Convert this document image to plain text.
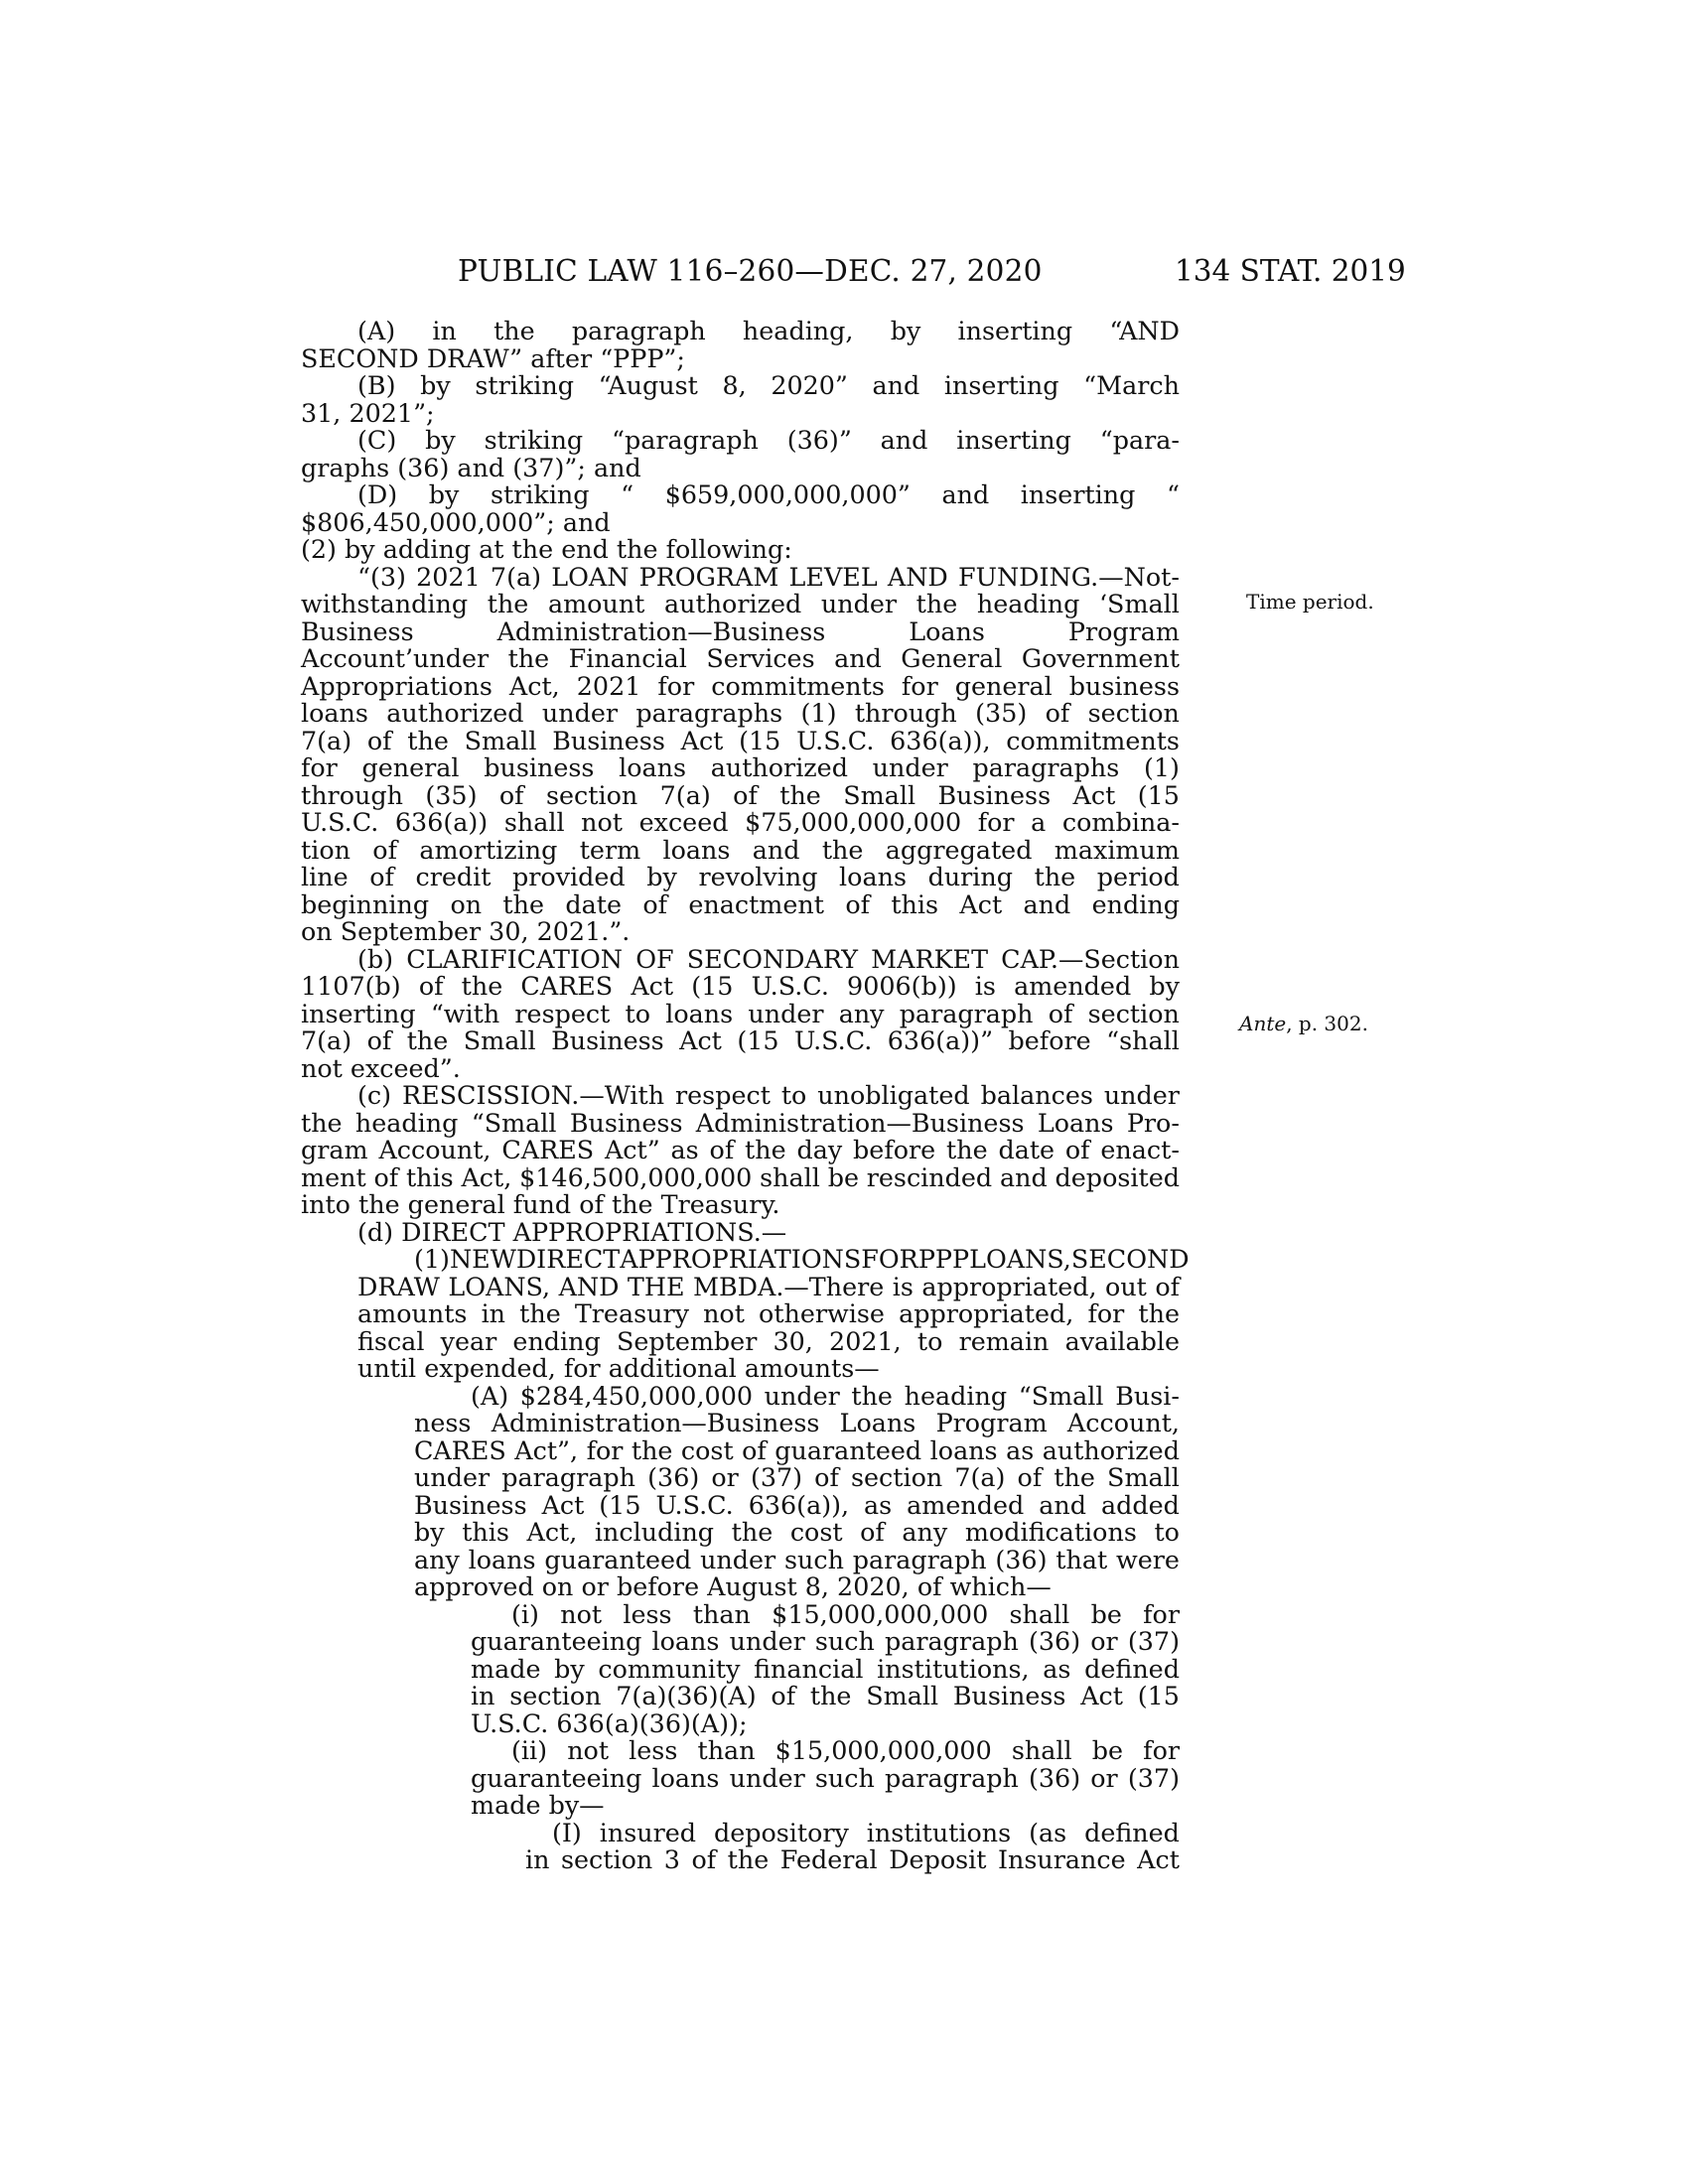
PUBLIC LAW 116–260—DEC. 27, 2020	134 STAT. 2019
Time period.
Ante, p. 302.
(A) in the paragraph heading, by inserting “AND
SECOND DRAW” after “PPP”;
(B) by striking “August 8, 2020” and inserting “March
31, 2021”;
(C) by striking “paragraph (36)” and inserting “para-
graphs (36) and (37)”; and
(D) by striking “ $659,000,000,000” and inserting “
$806,450,000,000”; and
(2) by adding at the end the following:
“(3) 2021 7(a) LOAN PROGRAM LEVEL AND FUNDING.—Not-
withstanding the amount authorized under the heading ‘Small
Business	Administration—Business	Loans	Program
Account’under the Financial Services and General Government
Appropriations Act, 2021 for commitments for general business
loans authorized under paragraphs (1) through (35) of section
7(a) of the Small Business Act (15 U.S.C. 636(a)), commitments
for general business loans authorized under paragraphs (1)
through (35) of section 7(a) of the Small Business Act (15
U.S.C. 636(a)) shall not exceed $75,000,000,000 for a combina-
tion of amortizing term loans and the aggregated maximum
line of credit provided by revolving loans during the period
beginning on the date of enactment of this Act and ending
on September 30, 2021.”.
(b) CLARIFICATION OF SECONDARY MARKET CAP.—Section
1107(b) of the CARES Act (15 U.S.C. 9006(b)) is amended by
inserting “with respect to loans under any paragraph of section
7(a) of the Small Business Act (15 U.S.C. 636(a))” before “shall
not exceed”.
(c) RESCISSION.—With respect to unobligated balances under
the heading “Small Business Administration—Business Loans Pro-
gram Account, CARES Act” as of the day before the date of enact-
ment of this Act, $146,500,000,000 shall be rescinded and deposited
into the general fund of the Treasury.
(d) DIRECT APPROPRIATIONS.—
(1) NEW DIRECT APPROPRIATIONS FOR PPP LOANS, SECOND
DRAW LOANS, AND THE MBDA.—There is appropriated, out of
amounts in the Treasury not otherwise appropriated, for the
fiscal year ending September 30, 2021, to remain available
until expended, for additional amounts—
(A) $284,450,000,000 under the heading “Small Busi-
ness Administration—Business Loans Program Account,
CARES Act”, for the cost of guaranteed loans as authorized
under paragraph (36) or (37) of section 7(a) of the Small
Business Act (15 U.S.C. 636(a)), as amended and added
by this Act, including the cost of any modifications to
any loans guaranteed under such paragraph (36) that were
approved on or before August 8, 2020, of which—
(i) not less than $15,000,000,000 shall be for
guaranteeing loans under such paragraph (36) or (37)
made by community financial institutions, as defined
in section 7(a)(36)(A) of the Small Business Act (15
U.S.C. 636(a)(36)(A));
(ii) not less than $15,000,000,000 shall be for
guaranteeing loans under such paragraph (36) or (37)
made by—
(I) insured depository institutions (as defined
in section 3 of the Federal Deposit Insurance Act
